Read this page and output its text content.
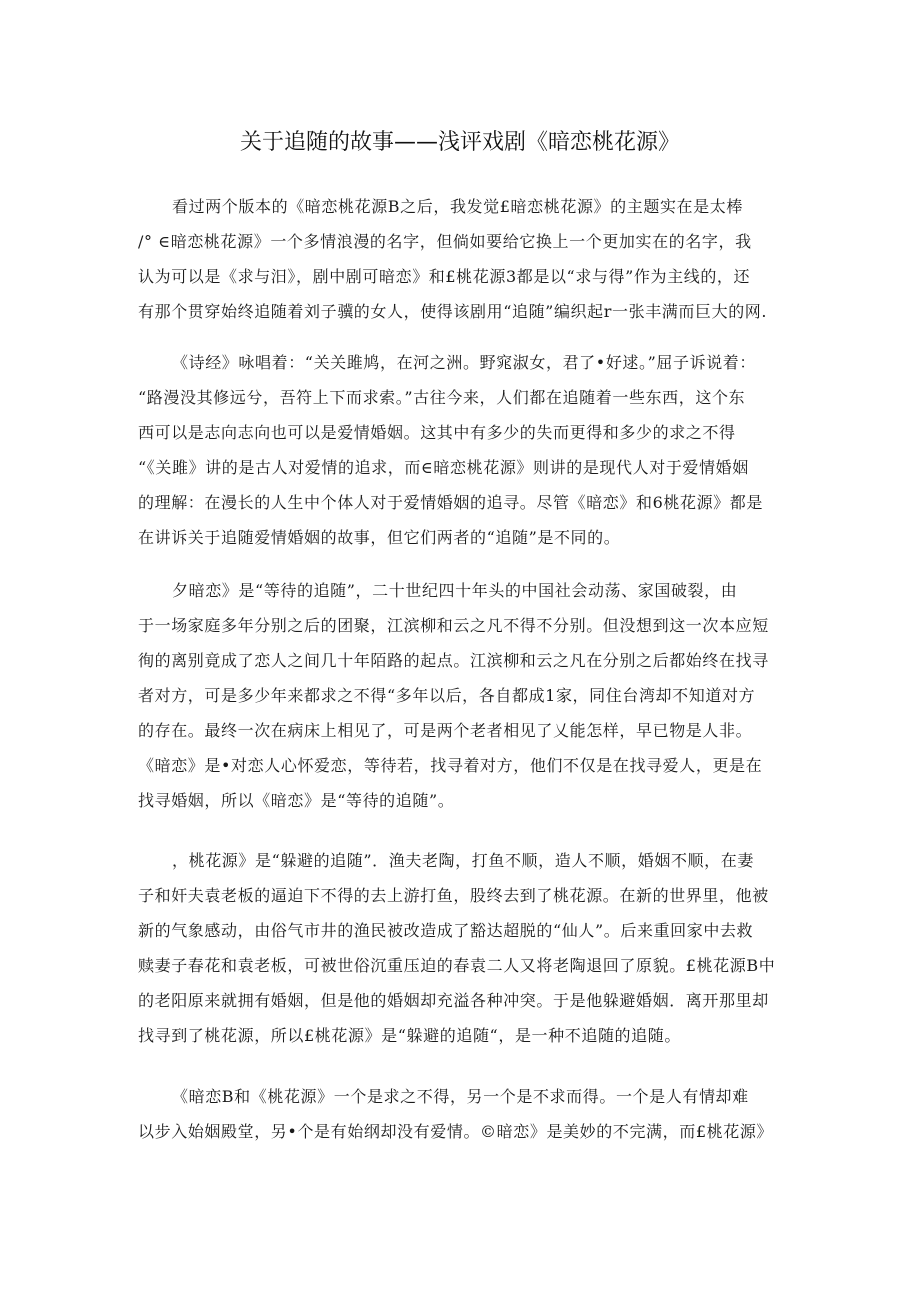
关于追随的故事——浅评戏剧《暗恋桃花源》
看过两个版本的《暗恋桃花源B之后，我发觉£暗恋桃花源》的主题实在是太棒
/° ∈暗恋桃花源》一个多情浪漫的名字，但倘如要给它换上一个更加实在的名字，我
认为可以是《求与汨》，剧中剧可暗恋》和£桃花源3都是以“求与得”作为主线的，还
有那个贯穿始终追随着刘子骥的女人，使得该剧用“追随”编织起r一张丰满而巨大的网.
《诗经》咏唱着：“关关雎鸠，在河之洲。野窕淑女，君了•好逑。”屈子诉说着：
“路漫没其修远兮，吾符上下而求索。”古往今来，人们都在追随着一些东西，这个东
西可以是志向志向也可以是爱情婚姻。这其中有多少的失而更得和多少的求之不得
“《关雎》讲的是古人对爱情的追求，而∈暗恋桃花源》则讲的是现代人对于爱情婚姻
的理解：在漫长的人生中个体人对于爱情婚姻的追寻。尽管《暗恋》和6桃花源》都是
在讲诉关于追随爱情婚姻的故事，但它们两者的“追随”是不同的。
夕暗恋》是“等待的追随”，二十世纪四十年头的中国社会动荡、家国破裂，由
于一场家庭多年分别之后的团聚，江滨柳和云之凡不得不分别。但没想到这一次本应短
徇的离别竟成了恋人之间几十年陌路的起点。江滨柳和云之凡在分别之后都始终在找寻
者对方，可是多少年来都求之不得“多年以后，各自都成1家，同住台湾却不知道对方
的存在。最终一次在病床上相见了，可是两个老者相见了乂能怎样，早已物是人非。
《暗恋》是•对恋人心怀爱恋，等待若，找寻着对方，他们不仅是在找寻爱人，更是在
找寻婚姻，所以《暗恋》是“等待的追随”。
，桃花源》是“躲避的追随”．渔夫老陶，打鱼不顺，造人不顺，婚姻不顺，在妻
子和奸夫袁老板的逼迫下不得的去上游打鱼，股终去到了桃花源。在新的世界里，他被
新的气象感动，由俗气市井的渔民被改造成了豁达超脱的“仙人”。后来重回家中去救
赎妻子春花和袁老板，可被世俗沉重压迫的春袁二人又将老陶退回了原貌。£桃花源B中
的老阳原来就拥有婚姻，但是他的婚姻却充溢各种冲突。于是他躲避婚姻．离开那里却
找寻到了桃花源，所以£桃花源》是“躲避的追随“，是一种不追随的追随。
《暗恋B和《桃花源》一个是求之不得，另一个是不求而得。一个是人有情却难
以步入始姻殿堂，另•个是有始纲却没有爱情。©暗恋》是美妙的不完满，而£桃花源》
